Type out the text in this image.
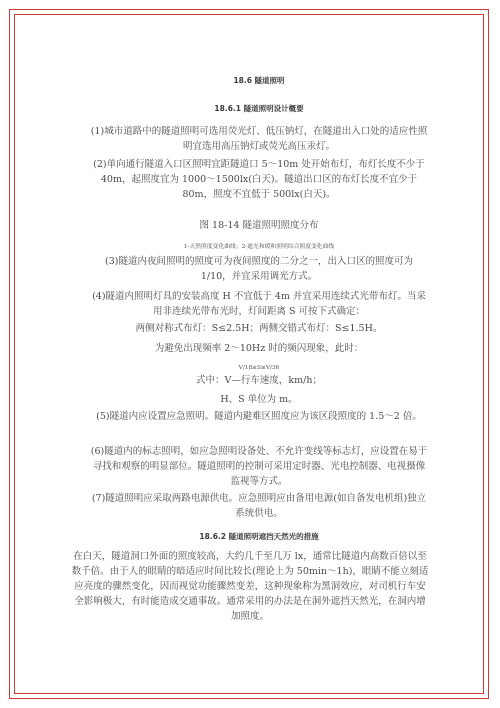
18.6 隧道照明
18.6.1 隧道照明设计概要
(1)城市道路中的隧道照明可选用荧光灯、低压钠灯，在隧道出入口处的适应性照明宜选用高压钠灯或荧光高压汞灯。
(2)单向通行隧道入口区照明宜距隧道口 5～10m 处开始布灯，布灯长度不少于 40m，起照度宜为 1000～1500lx(白天)。隧道出口区的布灯长度不宜少于 80m，照度不宜低于 500lx(白天)。
图 18-14 隧道照明照度分布
1-天然照度变化曲线；2-遮光和缓和照明综合照度变化曲线
(3)隧道内夜间照明的照度可为夜间照度的二分之一，出入口区的照度可为1/10，并宜采用调光方式。
(4)隧道内照明灯具的安装高度 H 不宜低于 4m 并宜采用连续式光带布灯。当采用非连续光带布光时，灯间距离 S 可按下式确定：
两侧对称式布灯：S≤2.5H；两侧交错式布灯：S≤1.5H。
为避免出现频率 2～10Hz 时的频闪现象，此时：
V/18≥S≥V/36
式中：V—行车速度，km/h；
H、S 单位为 m。
(5)隧道内应设置应急照明。隧道内避难区照度应为该区段照度的 1.5～2 倍。
(6)隧道内的标志照明，如应急照明设备处、不允许变线等标志灯，应设置在易于寻找和观察的明显部位。隧道照明的控制可采用定时器、光电控制器、电视摄像监视等方式。
(7)隧道照明应采取两路电源供电。应急照明应由备用电源(如自备发电机组)独立系统供电。
18.6.2 隧道照明遮挡天然光的措施
在白天，隧道洞口外面的照度较高，大约几千至几万 lx，通常比隧道内高数百倍以至数千倍。由于人的眼睛的暗适应时间比较长(理论上为 50min～1h)，眼睛不能立刻适应亮度的骤然变化，因而视觉功能骤然变差，这种现象称为黑洞效应，对司机行车安全影响极大，有时能造成交通事故。通常采用的办法是在洞外遮挡天然光，在洞内增加照度。
